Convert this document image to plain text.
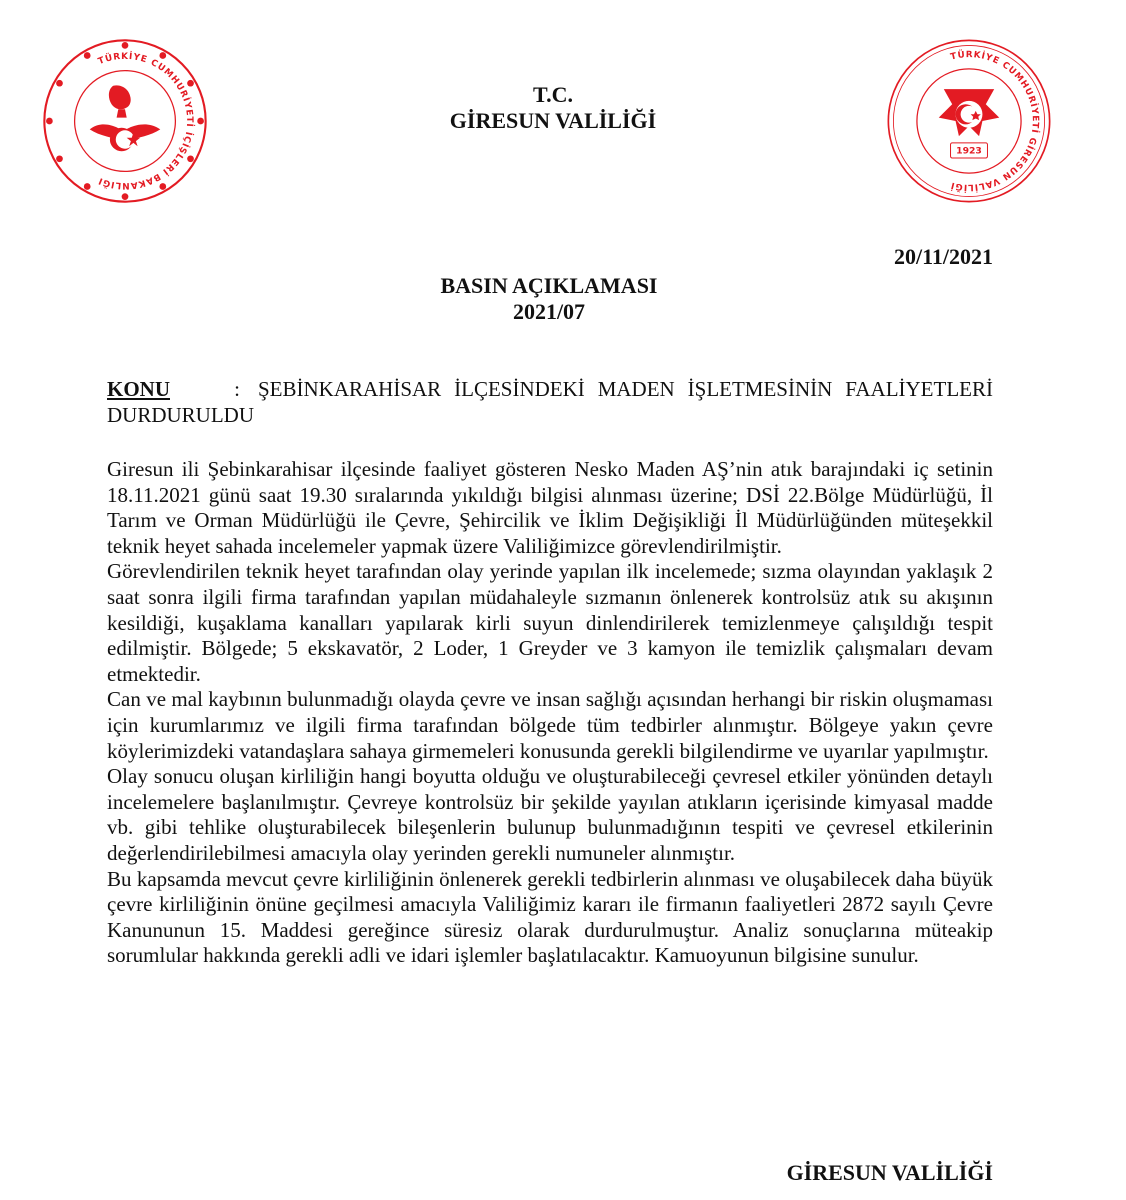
TÜRKİYE CUMHURİYETİ İÇİŞLERİ BAKANLIĞI
T.C.
GİRESUN VALİLİĞİ
TÜRKİYE CUMHURİYETİ GİRESUN VALİLİĞİ
1923
20/11/2021
BASIN AÇIKLAMASI
2021/07
KONU	: ŞEBİNKARAHİSAR İLÇESİNDEKİ MADEN İŞLETMESİNİN FAALİYETLERİ DURDURULDU

Giresun ili Şebinkarahisar ilçesinde faaliyet gösteren Nesko Maden AŞ’nin atık barajındaki iç setinin 18.11.2021 günü saat 19.30 sıralarında yıkıldığı bilgisi alınması üzerine; DSİ 22.Bölge Müdürlüğü, İl Tarım ve Orman Müdürlüğü ile Çevre, Şehircilik ve İklim Değişikliği İl Müdürlüğünden müteşekkil teknik heyet sahada incelemeler yapmak üzere Valiliğimizce görevlendirilmiştir.

Görevlendirilen teknik heyet tarafından olay yerinde yapılan ilk incelemede; sızma olayından yaklaşık 2 saat sonra ilgili firma tarafından yapılan müdahaleyle sızmanın önlenerek kontrolsüz atık su akışının kesildiği, kuşaklama kanalları yapılarak kirli suyun dinlendirilerek temizlenmeye çalışıldığı tespit edilmiştir. Bölgede; 5 ekskavatör, 2 Loder, 1 Greyder ve 3 kamyon ile temizlik çalışmaları devam etmektedir.

Can ve mal kaybının bulunmadığı olayda çevre ve insan sağlığı açısından herhangi bir riskin oluşmaması için kurumlarımız ve ilgili firma tarafından bölgede tüm tedbirler alınmıştır. Bölgeye yakın çevre köylerimizdeki vatandaşlara sahaya girmemeleri konusunda gerekli bilgilendirme ve uyarılar yapılmıştır.

Olay sonucu oluşan kirliliğin hangi boyutta olduğu ve oluşturabileceği çevresel etkiler yönünden detaylı incelemelere başlanılmıştır. Çevreye kontrolsüz bir şekilde yayılan atıkların içerisinde kimyasal madde vb. gibi tehlike oluşturabilecek bileşenlerin bulunup bulunmadığının tespiti ve çevresel etkilerinin değerlendirilebilmesi amacıyla olay yerinden gerekli numuneler alınmıştır.

Bu kapsamda mevcut çevre kirliliğinin önlenerek gerekli tedbirlerin alınması ve oluşabilecek daha büyük çevre kirliliğinin önüne geçilmesi amacıyla Valiliğimiz kararı ile firmanın faaliyetleri 2872 sayılı Çevre Kanununun 15. Maddesi gereğince süresiz olarak durdurulmuştur. Analiz sonuçlarına müteakip sorumlular hakkında gerekli adli ve idari işlemler başlatılacaktır. Kamuoyunun bilgisine sunulur.

GİRESUN VALİLİĞİ
